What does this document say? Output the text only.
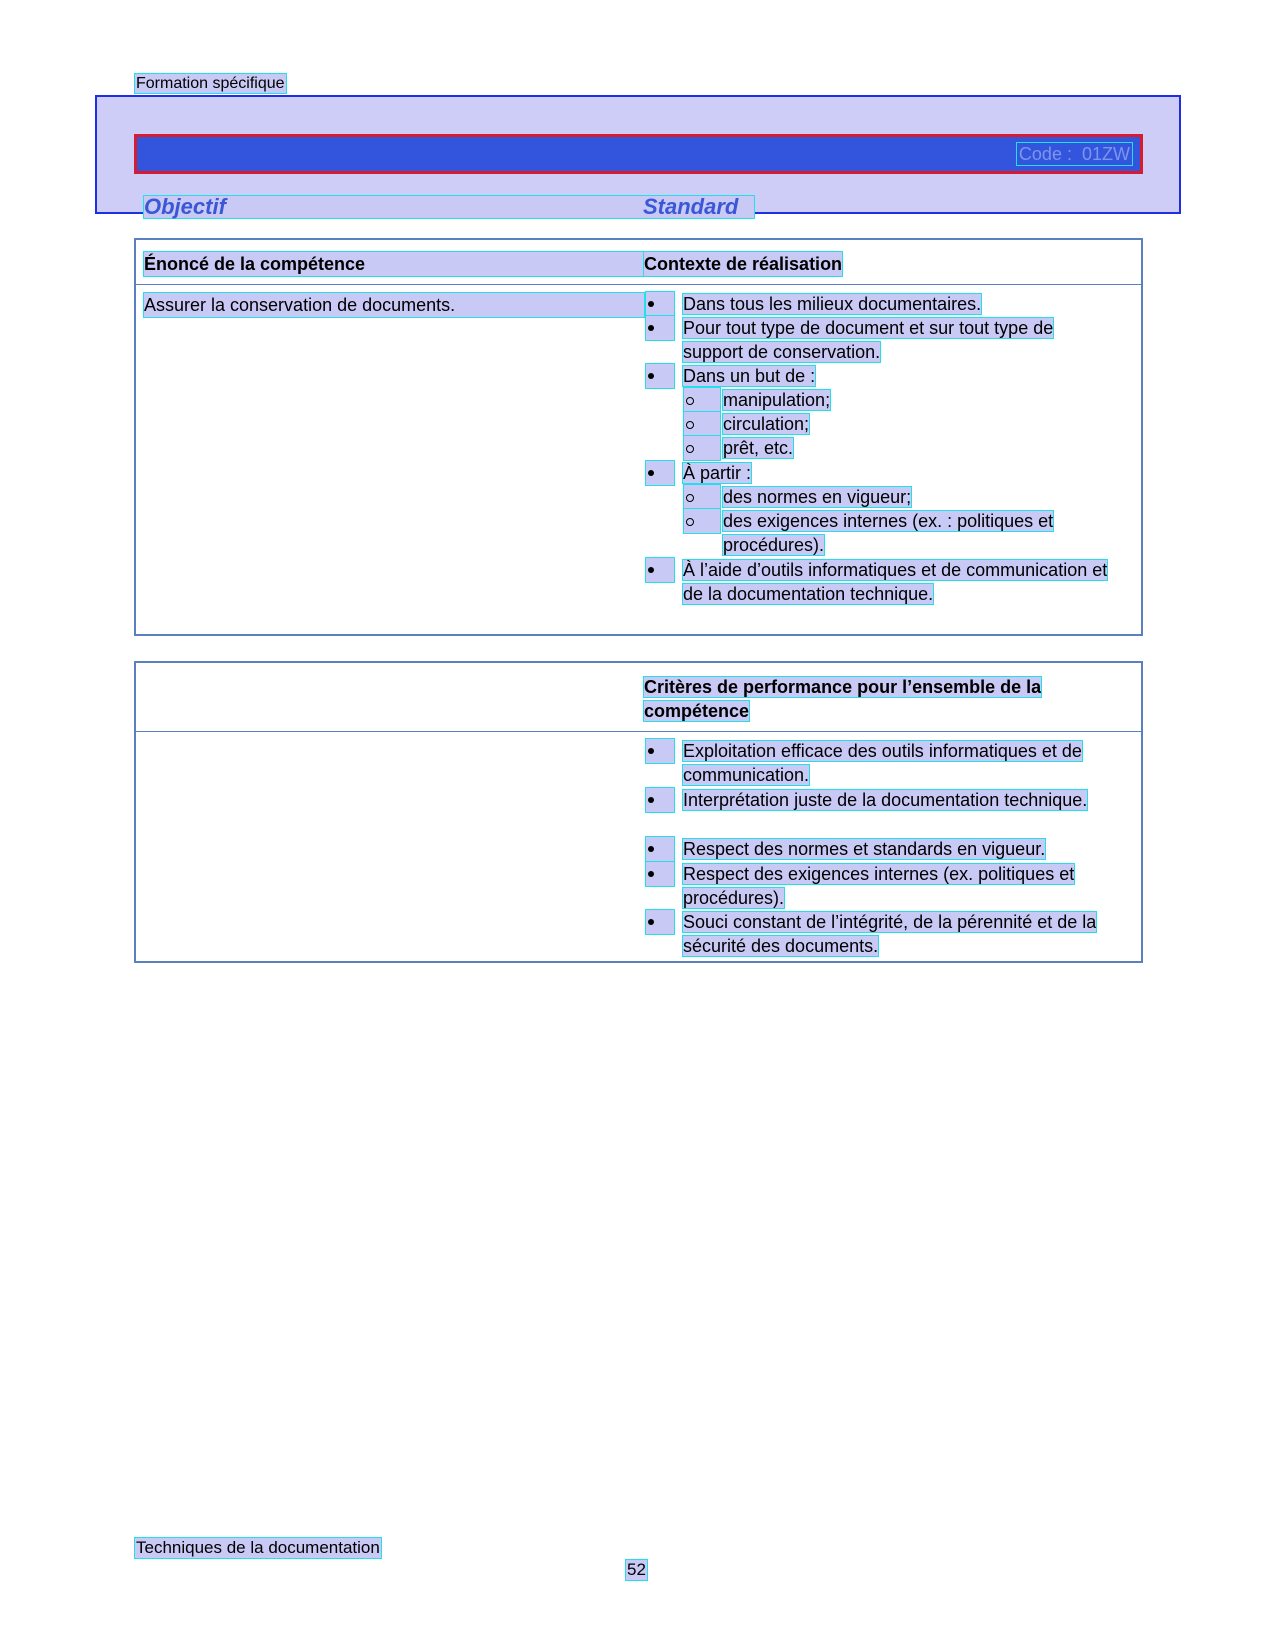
Formation spécifique
Code : 01ZW
Objectif	Standard
Énoncé de la compétence	Contexte de réalisation
Assurer la conservation de documents.	Dans tous les milieux documentaires.
Pour tout type de document et sur tout type de support de conservation.
Dans un but de :
manipulation;
circulation;
prêt, etc.
À partir :
des normes en vigueur;
des exigences internes (ex. : politiques et procédures).
À l’aide d’outils informatiques et de communication et de la documentation technique.
Critères de performance pour l’ensemble de la compétence
Exploitation efficace des outils informatiques et de communication.
Interprétation juste de la documentation technique.
Respect des normes et standards en vigueur.
Respect des exigences internes (ex. politiques et procédures).
Souci constant de l’intégrité, de la pérennité et de la sécurité des documents.
Techniques de la documentation
52
